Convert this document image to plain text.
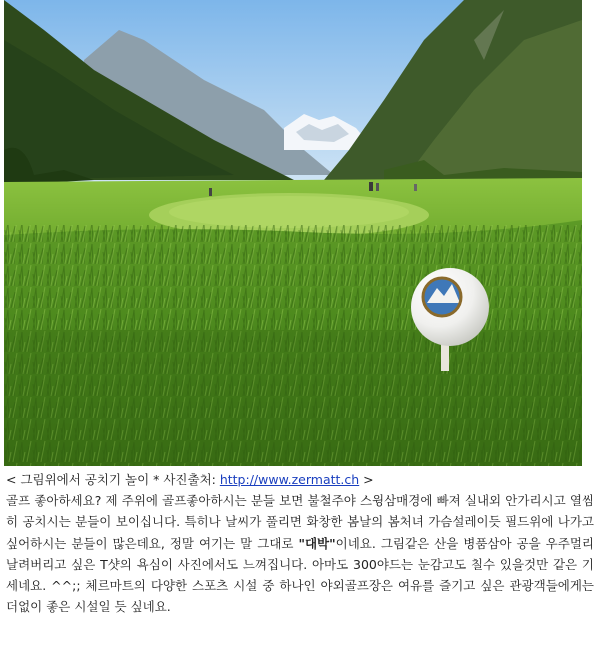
< 그림위에서 공치기 놀이 * 사진출처: http://www.zermatt.ch >
골프 좋아하세요? 제 주위에 골프좋아하시는 분들 보면 불철주야 스윙삼매경에 빠져 실내외 안가리시고 열씸히 공치시는 분들이 보이십니다. 특히나 날씨가 풀리면 화창한 봄날의 봄처녀 가슴설레이듯 필드위에 나가고 싶어하시는 분들이 많은데요, 정말 여기는 말 그대로 "대박"이네요. 그림같은 산을 병품삼아 공을 우주멀리 날려버리고 싶은 T샷의 욕심이 사진에서도 느껴집니다. 아마도 300야드는 눈감고도 칠수 있을것만 같은 기세네요. ^^;; 체르마트의 다양한 스포츠 시설 중 하나인 야외골프장은 여유를 즐기고 싶은 관광객들에게는 더없이 좋은 시설일 듯 싶네요.
